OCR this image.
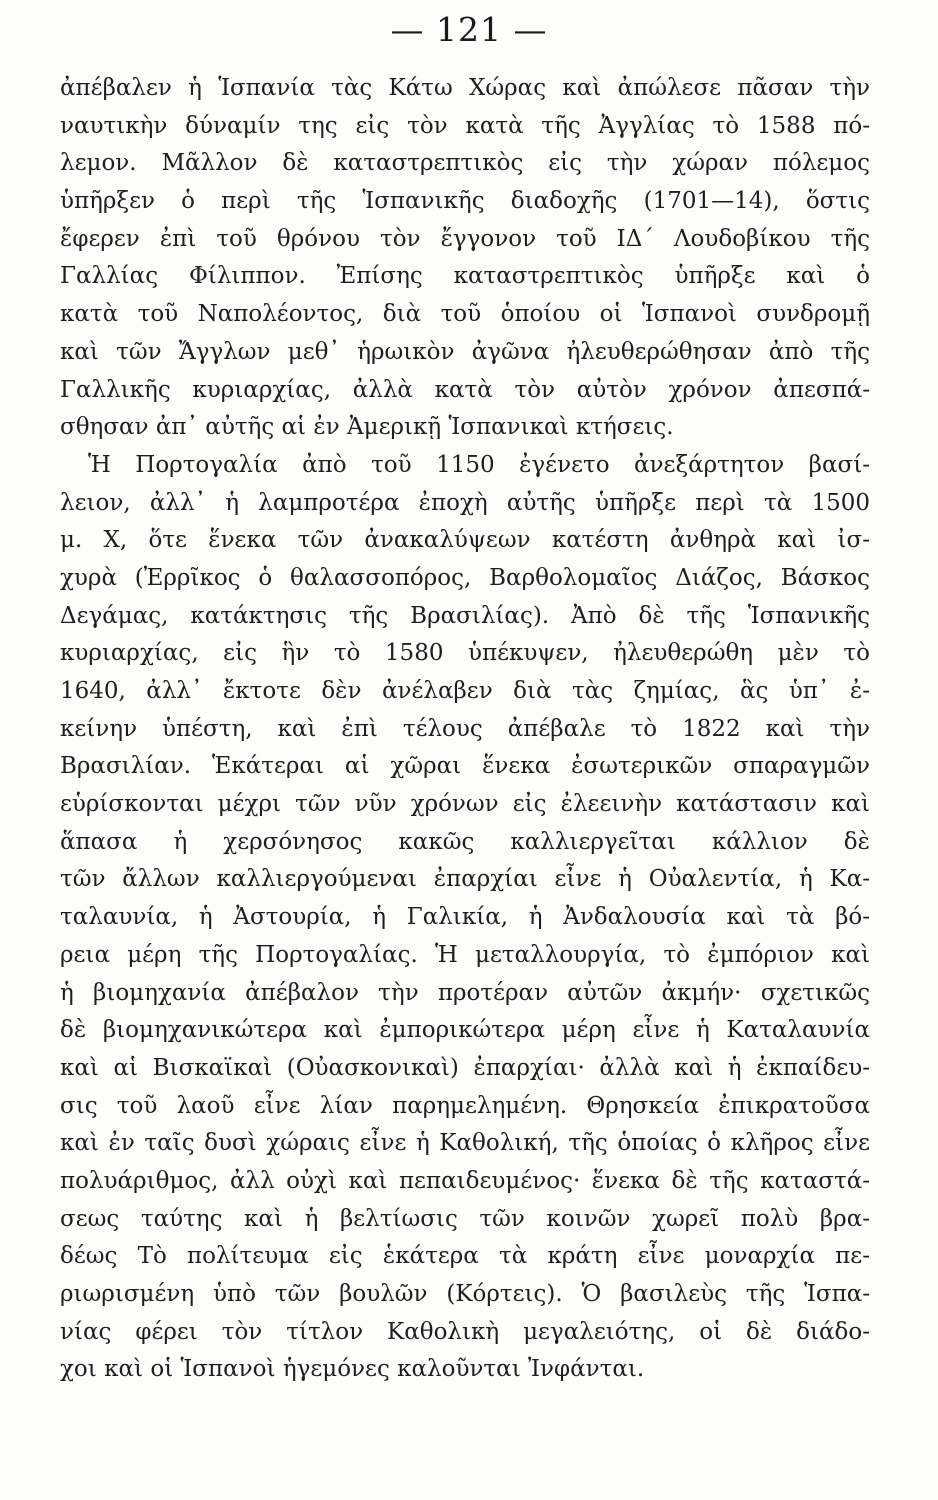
— 121 —
ἀπέβαλεν ἡ Ἱσπανία τὰς Κάτω Χώρας καὶ ἀπώλεσε πᾶσαν τὴν
ναυτικὴν δύναμίν της εἰς τὸν κατὰ τῆς Ἀγγλίας τὸ 1588 πό-
λεμον. Μᾶλλον δὲ καταστρεπτικὸς εἰς τὴν χώραν πόλεμος
ὑπῆρξεν ὁ περὶ τῆς Ἱσπανικῆς διαδοχῆς (1701—14), ὅστις
ἔφερεν ἐπὶ τοῦ θρόνου τὸν ἔγγονον τοῦ ΙΔ΄ Λουδοβίκου τῆς
Γαλλίας Φίλιππον. Ἐπίσης καταστρεπτικὸς ὑπῆρξε καὶ ὁ
κατὰ τοῦ Ναπολέοντος, διὰ τοῦ ὁποίου οἱ Ἱσπανοὶ συνδρομῇ
καὶ τῶν Ἄγγλων μεθ᾽ ἡρωικὸν ἀγῶνα ἠλευθερώθησαν ἀπὸ τῆς
Γαλλικῆς κυριαρχίας, ἀλλὰ κατὰ τὸν αὐτὸν χρόνον ἀπεσπά-
σθησαν ἀπ᾽ αὐτῆς αἱ ἐν Ἀμερικῇ Ἱσπανικαὶ κτήσεις.
Ἡ Πορτογαλία ἀπὸ τοῦ 1150 ἐγένετο ἀνεξάρτητον βασί-
λειον, ἀλλ᾽ ἡ λαμπροτέρα ἐποχὴ αὐτῆς ὑπῆρξε περὶ τὰ 1500
μ. Χ, ὅτε ἕνεκα τῶν ἀνακαλύψεων κατέστη ἀνθηρὰ καὶ ἰσ-
χυρὰ (Ἐρρῖκος ὁ θαλασσοπόρος, Βαρθολομαῖος Διάζος, Βάσκος
Δεγάμας, κατάκτησις τῆς Βρασιλίας). Ἀπὸ δὲ τῆς Ἱσπανικῆς
κυριαρχίας, εἰς ἣν τὸ 1580 ὑπέκυψεν, ἠλευθερώθη μὲν τὸ
1640, ἀλλ᾽ ἔκτοτε δὲν ἀνέλαβεν διὰ τὰς ζημίας, ἃς ὑπ᾽ ἐ-
κείνην ὑπέστη, καὶ ἐπὶ τέλους ἀπέβαλε τὸ 1822 καὶ τὴν
Βρασιλίαν. Ἑκάτεραι αἱ χῶραι ἕνεκα ἐσωτερικῶν σπαραγμῶν
εὑρίσκονται μέχρι τῶν νῦν χρόνων εἰς ἐλεεινὴν κατάστασιν καὶ
ἅπασα ἡ χερσόνησος κακῶς καλλιεργεῖται κάλλιον δὲ
τῶν ἄλλων καλλιεργούμεναι ἐπαρχίαι εἶνε ἡ Οὐαλεντία, ἡ Κα-
ταλαυνία, ἡ Ἀστουρία, ἡ Γαλικία, ἡ Ἀνδαλουσία καὶ τὰ βό-
ρεια μέρη τῆς Πορτογαλίας. Ἡ μεταλλουργία, τὸ ἐμπόριον καὶ
ἡ βιομηχανία ἀπέβαλον τὴν προτέραν αὐτῶν ἀκμήν· σχετικῶς
δὲ βιομηχανικώτερα καὶ ἐμπορικώτερα μέρη εἶνε ἡ Καταλαυνία
καὶ αἱ Βισκαϊκαὶ (Οὐασκονικαὶ) ἐπαρχίαι· ἀλλὰ καὶ ἡ ἐκπαίδευ-
σις τοῦ λαοῦ εἶνε λίαν παρημελημένη. Θρησκεία ἐπικρατοῦσα
καὶ ἐν ταῖς δυσὶ χώραις εἶνε ἡ Καθολική, τῆς ὁποίας ὁ κλῆρος εἶνε
πολυάριθμος, ἀλλ οὐχὶ καὶ πεπαιδευμένος· ἕνεκα δὲ τῆς καταστά-
σεως ταύτης καὶ ἡ βελτίωσις τῶν κοινῶν χωρεῖ πολὺ βρα-
δέως Τὸ πολίτευμα εἰς ἑκάτερα τὰ κράτη εἶνε μοναρχία πε-
ριωρισμένη ὑπὸ τῶν βουλῶν (Κόρτεις). Ὁ βασιλεὺς τῆς Ἱσπα-
νίας φέρει τὸν τίτλον Καθολικὴ μεγαλειότης, οἱ δὲ διάδο-
χοι καὶ οἱ Ἱσπανοὶ ἡγεμόνες καλοῦνται Ἰνφάνται.
